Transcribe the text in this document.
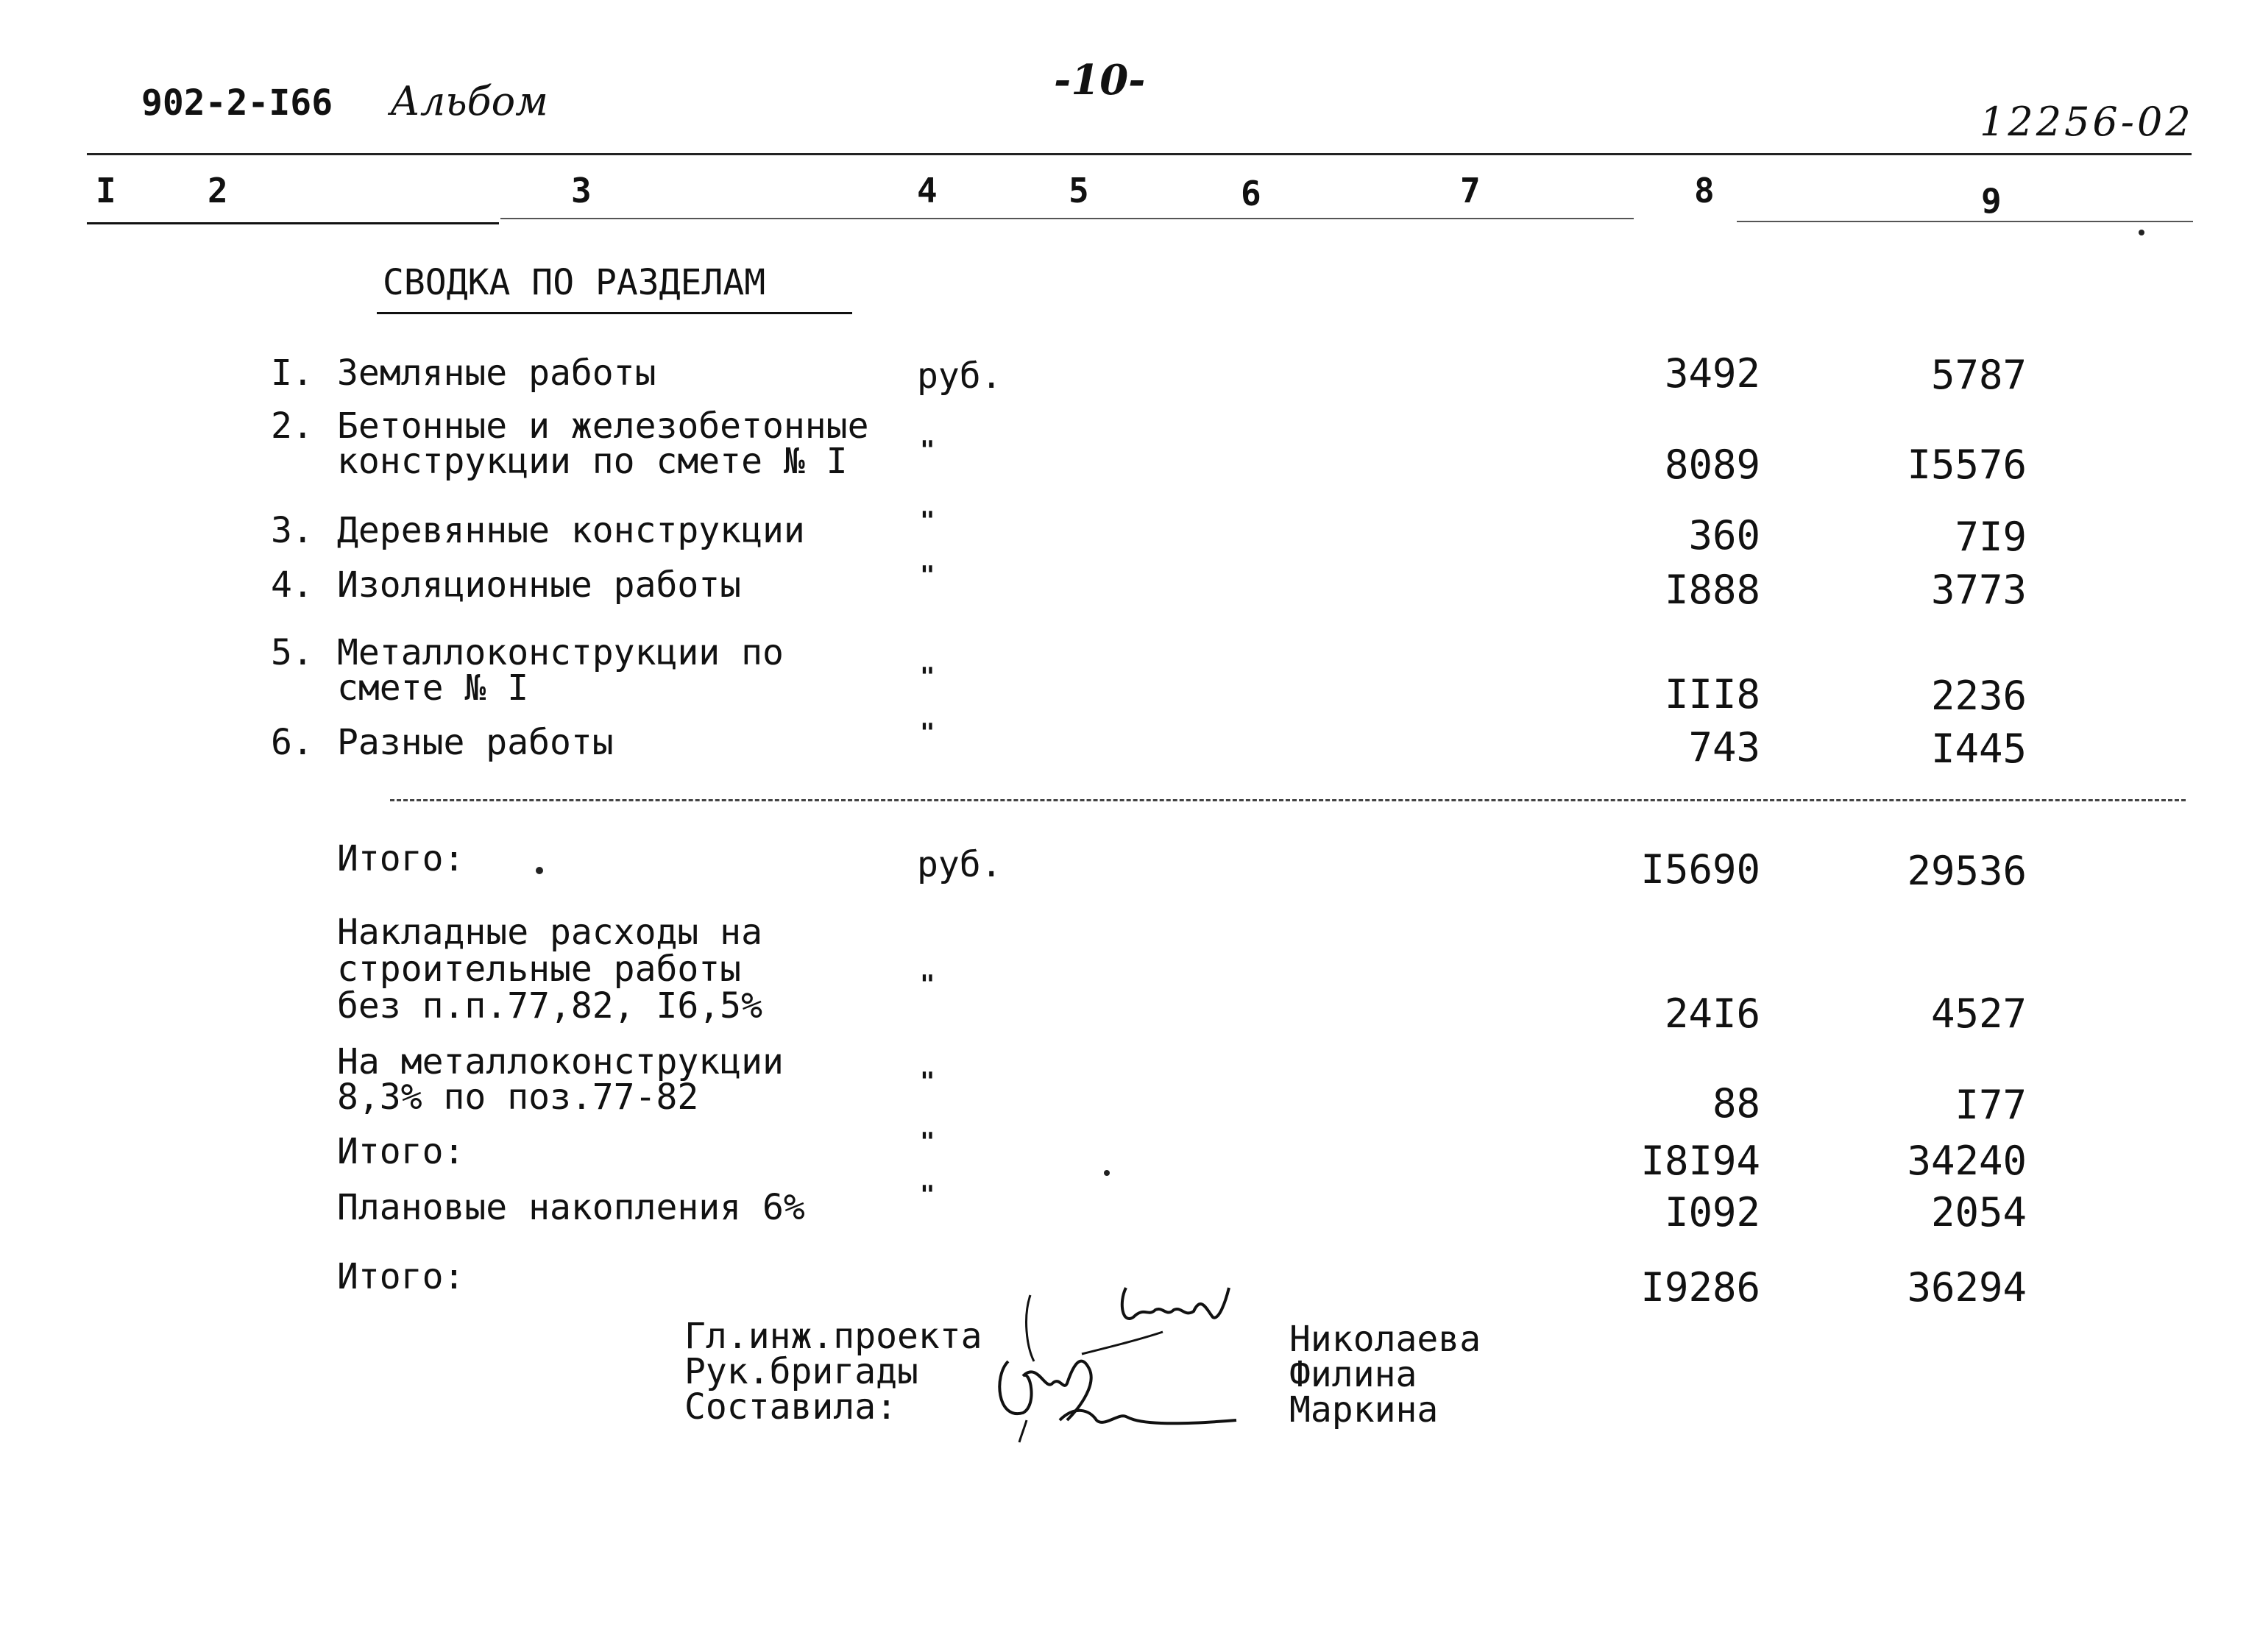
902-2-I66 Альбом	-10-
12256-02
I	2	3	4	5	6	7	8	9
СВОДКА ПО РАЗДЕЛАМ
I. Земляные работы	руб.	3492	5787
2. Бетонные и железобетонные
конструкции по смете № I	"	8089	I5576
3. Деревянные конструкции	"	360	7I9
4. Изоляционные работы	"	I888	3773
5. Металлоконструкции по
смете № I	"	III8	2236
6. Разные работы	"	743	I445
Итого:	руб.	I5690	29536
Накладные расходы на
строительные работы
без п.п.77,82, I6,5%
"
24I6	4527
На металлоконструкции
8,3% по поз.77-82	"	88	I77
Итого:	"	I8I94	34240
Плановые накопления 6%	"	I092	2054
Итого:	I9286	36294
Гл.инж.проекта
Рук.бригады
Составила:
Николаева
Филина
Маркина
